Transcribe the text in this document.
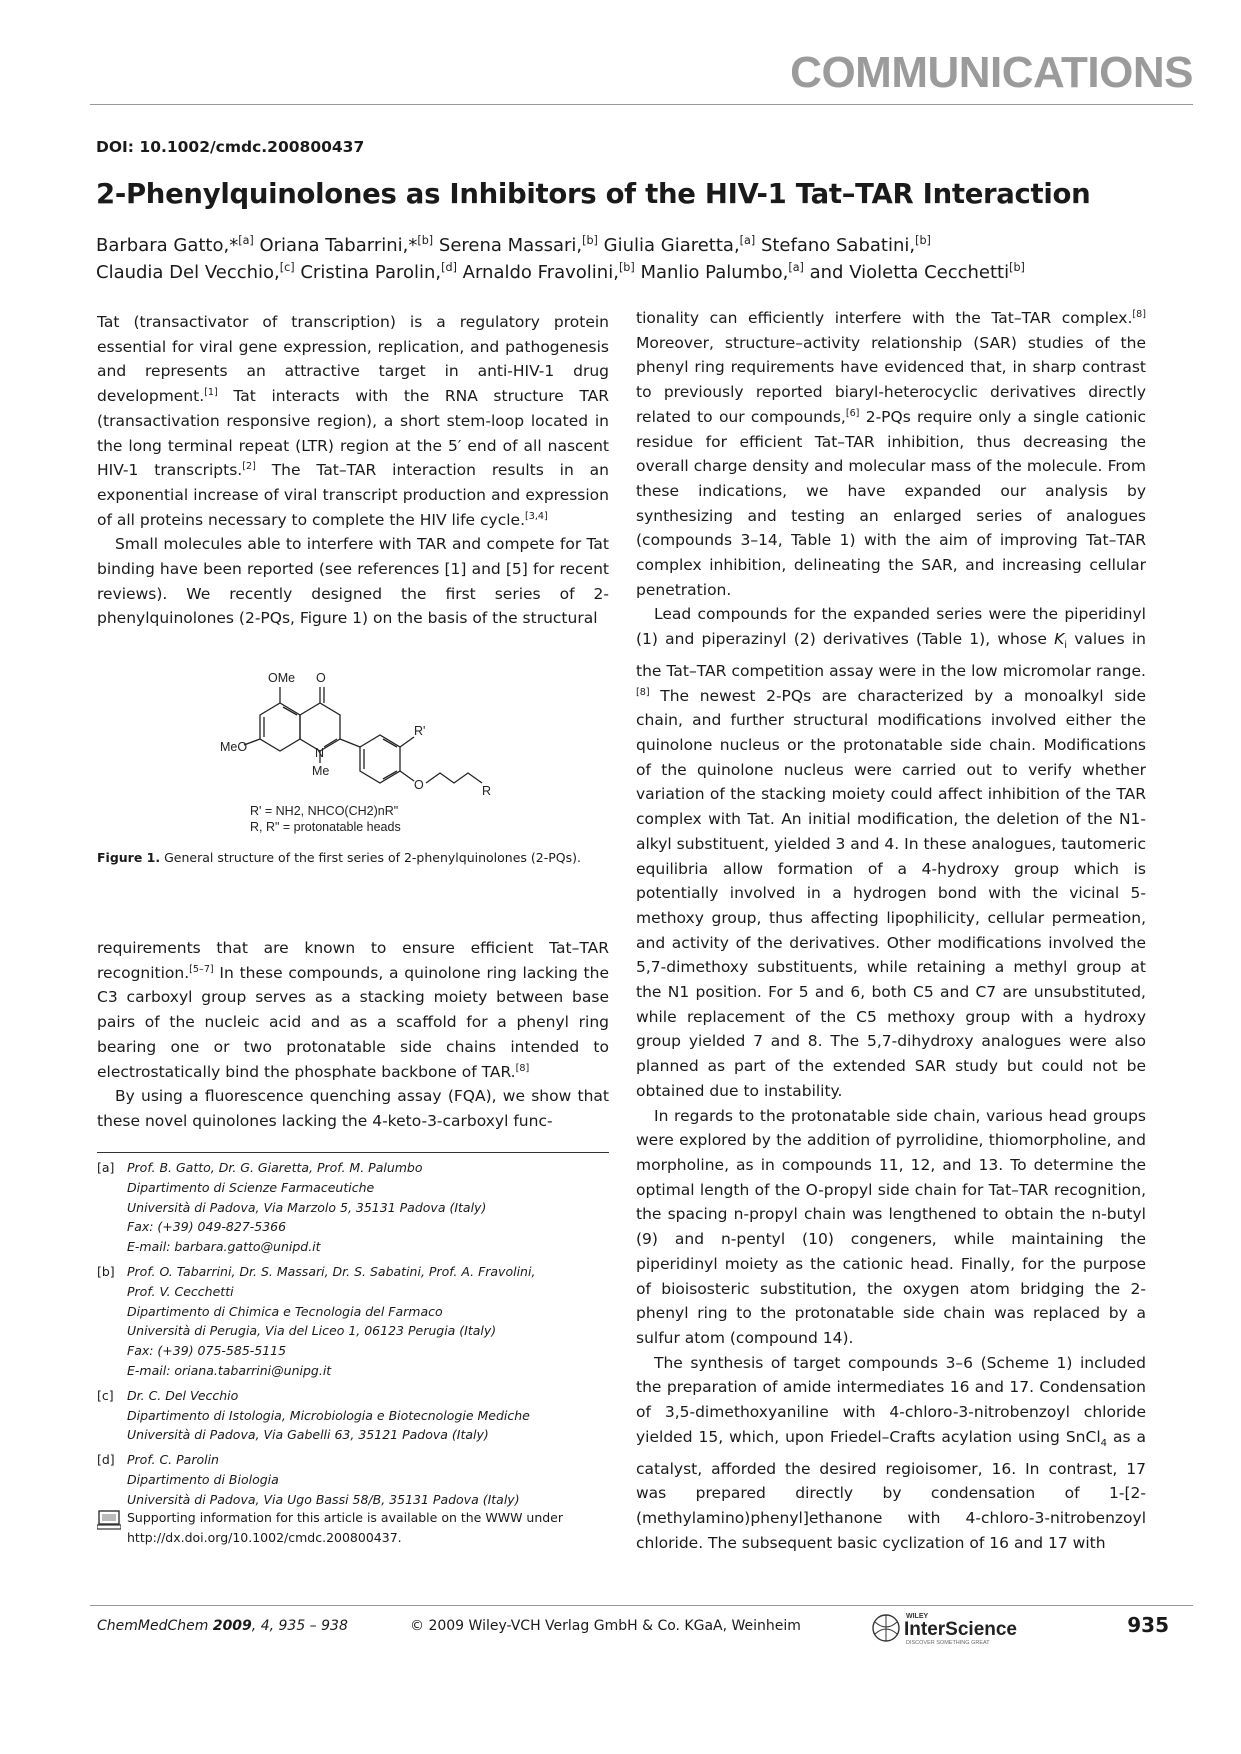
COMMUNICATIONS
DOI: 10.1002/cmdc.200800437
2-Phenylquinolones as Inhibitors of the HIV-1 Tat–TAR Interaction
Barbara Gatto,*[a] Oriana Tabarrini,*[b] Serena Massari,[b] Giulia Giaretta,[a] Stefano Sabatini,[b]
Claudia Del Vecchio,[c] Cristina Parolin,[d] Arnaldo Fravolini,[b] Manlio Palumbo,[a] and Violetta Cecchetti[b]

Tat (transactivator of transcription) is a regulatory protein essential for viral gene expression, replication, and pathogenesis and represents an attractive target in anti-HIV-1 drug development.[1] Tat interacts with the RNA structure TAR (transactivation responsive region), a short stem-loop located in the long terminal repeat (LTR) region at the 5′ end of all nascent HIV-1 transcripts.[2] The Tat–TAR interaction results in an exponential increase of viral transcript production and expression of all proteins necessary to complete the HIV life cycle.[3,4]

Small molecules able to interfere with TAR and compete for Tat binding have been reported (see references [1] and [5] for recent reviews). We recently designed the first series of 2-phenylquinolones (2-PQs, Figure 1) on the basis of the structural

OMe O
MeO	N
Me
R'
O	R
R' = NH2, NHCO(CH2)nR"
R, R" = protonatable heads
Figure 1. General structure of the first series of 2-phenylquinolones (2-PQs).

requirements that are known to ensure efficient Tat–TAR recognition.[5–7] In these compounds, a quinolone ring lacking the C3 carboxyl group serves as a stacking moiety between base pairs of the nucleic acid and as a scaffold for a phenyl ring bearing one or two protonatable side chains intended to electrostatically bind the phosphate backbone of TAR.[8]

By using a fluorescence quenching assay (FQA), we show that these novel quinolones lacking the 4-keto-3-carboxyl func-

tionality can efficiently interfere with the Tat–TAR complex.[8] Moreover, structure–activity relationship (SAR) studies of the phenyl ring requirements have evidenced that, in sharp contrast to previously reported biaryl-heterocyclic derivatives directly related to our compounds,[6] 2-PQs require only a single cationic residue for efficient Tat–TAR inhibition, thus decreasing the overall charge density and molecular mass of the molecule. From these indications, we have expanded our analysis by synthesizing and testing an enlarged series of analogues (compounds 3–14, Table 1) with the aim of improving Tat–TAR complex inhibition, delineating the SAR, and increasing cellular penetration.

Lead compounds for the expanded series were the piperidinyl (1) and piperazinyl (2) derivatives (Table 1), whose $K_i$ values in the Tat–TAR competition assay were in the low micromolar range.[8] The newest 2-PQs are characterized by a monoalkyl side chain, and further structural modifications involved either the quinolone nucleus or the protonatable side chain. Modifications of the quinolone nucleus were carried out to verify whether variation of the stacking moiety could affect inhibition of the TAR complex with Tat. An initial modification, the deletion of the N1-alkyl substituent, yielded 3 and 4. In these analogues, tautomeric equilibria allow formation of a 4-hydroxy group which is potentially involved in a hydrogen bond with the vicinal 5-methoxy group, thus affecting lipophilicity, cellular permeation, and activity of the derivatives. Other modifications involved the 5,7-dimethoxy substituents, while retaining a methyl group at the N1 position. For 5 and 6, both C5 and C7 are unsubstituted, while replacement of the C5 methoxy group with a hydroxy group yielded 7 and 8. The 5,7-dihydroxy analogues were also planned as part of the extended SAR study but could not be obtained due to instability.

In regards to the protonatable side chain, various head groups were explored by the addition of pyrrolidine, thiomorpholine, and morpholine, as in compounds 11, 12, and 13. To determine the optimal length of the O-propyl side chain for Tat–TAR recognition, the spacing n-propyl chain was lengthened to obtain the n-butyl (9) and n-pentyl (10) congeners, while maintaining the piperidinyl moiety as the cationic head. Finally, for the purpose of bioisosteric substitution, the oxygen atom bridging the 2-phenyl ring to the protonatable side chain was replaced by a sulfur atom (compound 14).

The synthesis of target compounds 3–6 (Scheme 1) included the preparation of amide intermediates 16 and 17. Condensation of 3,5-dimethoxyaniline with 4-chloro-3-nitrobenzoyl chloride yielded 15, which, upon Friedel–Crafts acylation using SnCl$_4$ as a catalyst, afforded the desired regioisomer, 16. In contrast, 17 was prepared directly by condensation of 1-[2-(methylamino)phenyl]ethanone with 4-chloro-3-nitrobenzoyl chloride. The subsequent basic cyclization of 16 and 17 with

[a]	Prof. B. Gatto, Dr. G. Giaretta, Prof. M. Palumbo
Dipartimento di Scienze Farmaceutiche
Università di Padova, Via Marzolo 5, 35131 Padova (Italy)
Fax: (+39) 049-827-5366
E-mail: barbara.gatto@unipd.it
[b] Prof. O. Tabarrini, Dr. S. Massari, Dr. S. Sabatini, Prof. A. Fravolini,
Prof. V. Cecchetti
Dipartimento di Chimica e Tecnologia del Farmaco
Università di Perugia, Via del Liceo 1, 06123 Perugia (Italy)
Fax: (+39) 075-585-5115
E-mail: oriana.tabarrini@unipg.it
[c]	Dr. C. Del Vecchio
Dipartimento di Istologia, Microbiologia e Biotecnologie Mediche
Università di Padova, Via Gabelli 63, 35121 Padova (Italy)
[d] Prof. C. Parolin
Dipartimento di Biologia
Università di Padova, Via Ugo Bassi 58/B, 35131 Padova (Italy)
Supporting information for this article is available on the WWW under http://dx.doi.org/10.1002/cmdc.200800437.
ChemMedChem 2009, 4, 935 – 938	© 2009 Wiley-VCH Verlag GmbH & Co. KGaA, Weinheim
WILEY
InterScience
DISCOVER SOMETHING GREAT
935
